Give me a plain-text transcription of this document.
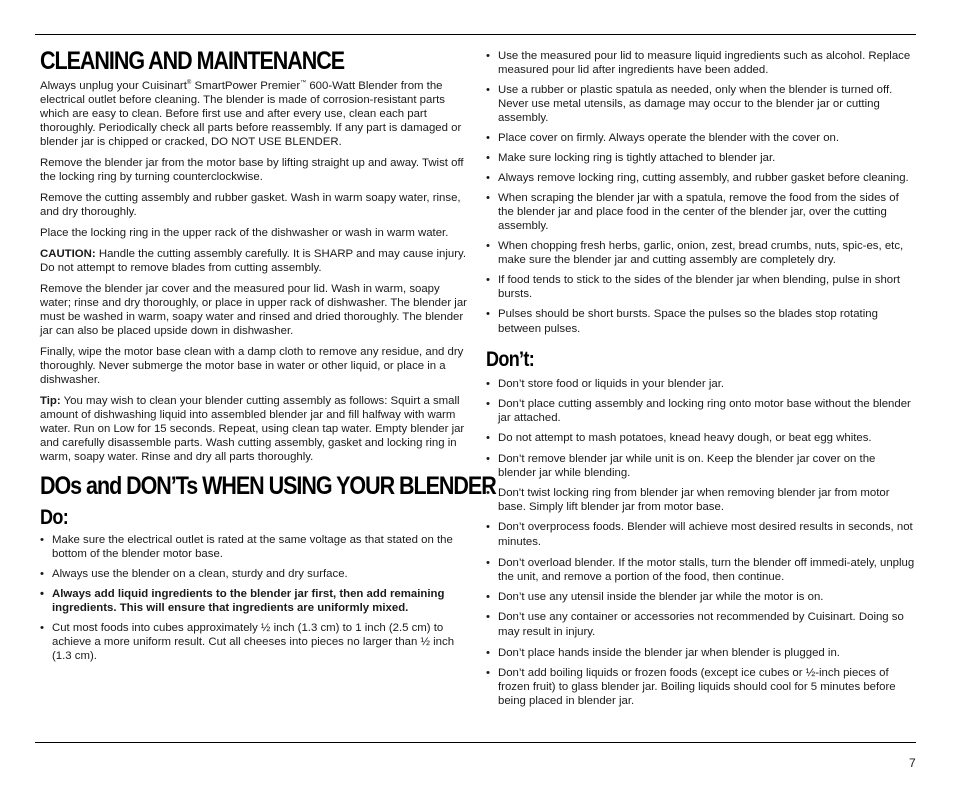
CLEANING AND MAINTENANCE

Always unplug your Cuisinart® SmartPower Premier™ 600-Watt Blender from the electrical outlet before cleaning. The blender is made of corrosion-resistant parts which are easy to clean. Before first use and after every use, clean each part thoroughly. Periodically check all parts before reassembly. If any part is damaged or blender jar is chipped or cracked, DO NOT USE BLENDER.

Remove the blender jar from the motor base by lifting straight up and away. Twist off the locking ring by turning counterclockwise.

Remove the cutting assembly and rubber gasket. Wash in warm soapy water, rinse, and dry thoroughly.

Place the locking ring in the upper rack of the dishwasher or wash in warm water.

CAUTION: Handle the cutting assembly carefully. It is SHARP and may cause injury. Do not attempt to remove blades from cutting assembly.

Remove the blender jar cover and the measured pour lid. Wash in warm, soapy water; rinse and dry thoroughly, or place in upper rack of dishwasher. The blender jar must be washed in warm, soapy water and rinsed and dried thoroughly. The blender jar can also be placed upside down in dishwasher.

Finally, wipe the motor base clean with a damp cloth to remove any residue, and dry thoroughly. Never submerge the motor base in water or other liquid, or place in a dishwasher.

Tip: You may wish to clean your blender cutting assembly as follows: Squirt a small amount of dishwashing liquid into assembled blender jar and fill halfway with warm water. Run on Low for 15 seconds. Repeat, using clean tap water. Empty blender jar and carefully disassemble parts. Wash cutting assembly, gasket and locking ring in warm, soapy water. Rinse and dry all parts thoroughly.

DOs and DON’Ts WHEN USING YOUR BLENDER
Do:
• Make sure the electrical outlet is rated at the same voltage as that stated on the bottom of the blender motor base.
• Always use the blender on a clean, sturdy and dry surface.
• Always add liquid ingredients to the blender jar first, then add remaining ingredients. This will ensure that ingredients are uniformly mixed.
• Cut most foods into cubes approximately ½ inch (1.3 cm) to 1 inch (2.5 cm) to achieve a more uniform result. Cut all cheeses into pieces no larger than ½ inch (1.3 cm).
• Use the measured pour lid to measure liquid ingredients such as alcohol. Replace measured pour lid after ingredients have been added.
• Use a rubber or plastic spatula as needed, only when the blender is turned off. Never use metal utensils, as damage may occur to the blender jar or cutting assembly.
• Place cover on firmly. Always operate the blender with the cover on.
• Make sure locking ring is tightly attached to blender jar.
• Always remove locking ring, cutting assembly, and rubber gasket before cleaning.
• When scraping the blender jar with a spatula, remove the food from the sides of the blender jar and place food in the center of the blender jar, over the cutting assembly.
• When chopping fresh herbs, garlic, onion, zest, bread crumbs, nuts, spic-es, etc, make sure the blender jar and cutting assembly are completely dry.
• If food tends to stick to the sides of the blender jar when blending, pulse in short bursts.
• Pulses should be short bursts. Space the pulses so the blades stop rotating between pulses.
Don’t:
• Don’t store food or liquids in your blender jar.
• Don’t place cutting assembly and locking ring onto motor base without the blender jar attached.
• Do not attempt to mash potatoes, knead heavy dough, or beat egg whites.
• Don’t remove blender jar while unit is on. Keep the blender jar cover on the blender jar while blending.
• Don't twist locking ring from blender jar when removing blender jar from motor base. Simply lift blender jar from motor base.
• Don’t overprocess foods. Blender will achieve most desired results in seconds, not minutes.
• Don’t overload blender. If the motor stalls, turn the blender off immedi-ately, unplug the unit, and remove a portion of the food, then continue.
• Don’t use any utensil inside the blender jar while the motor is on.
• Don’t use any container or accessories not recommended by Cuisinart. Doing so may result in injury.
• Don’t place hands inside the blender jar when blender is plugged in.
• Don’t add boiling liquids or frozen foods (except ice cubes or ½-inch pieces of frozen fruit) to glass blender jar. Boiling liquids should cool for 5 minutes before being placed in blender jar.
7
